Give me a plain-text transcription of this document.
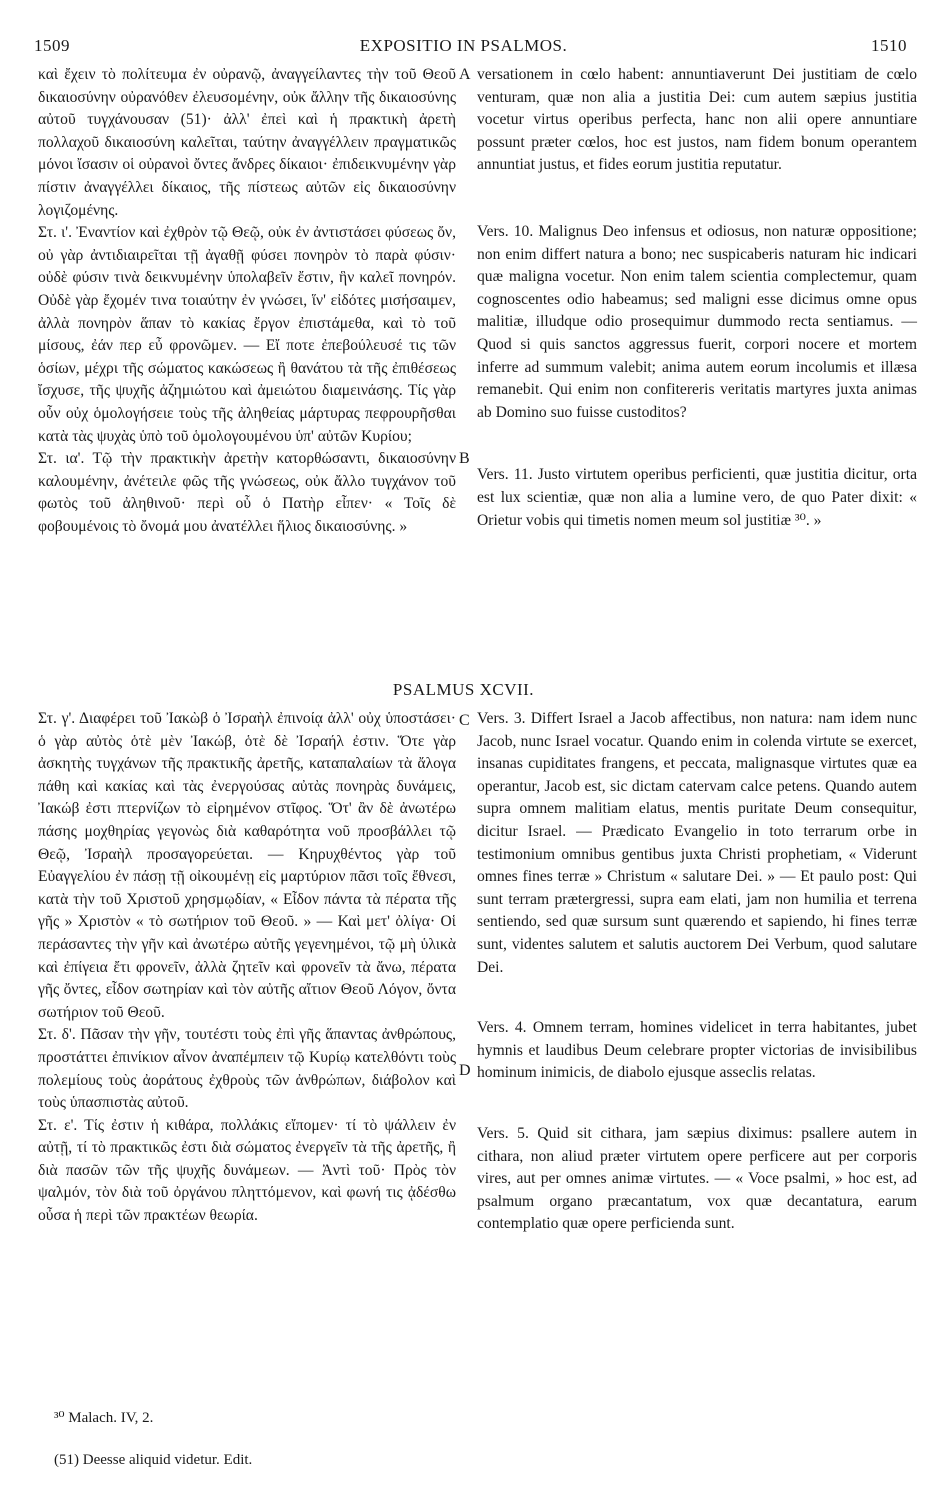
1509	EXPOSITIO IN PSALMOS.	1510

καὶ ἔχειν τὸ πολίτευμα ἐν οὐρανῷ, ἀναγγείλαντες τὴν τοῦ Θεοῦ δικαιοσύνην οὐρανόθεν ἐλευσομένην, οὐκ ἄλλην τῆς δικαιοσύνης αὐτοῦ τυγχάνουσαν (51)· ἀλλ' ἐπεὶ καὶ ἡ πρακτικὴ ἀρετὴ πολλαχοῦ δικαιοσύνη καλεῖται, ταύτην ἀναγγέλλειν πραγματικῶς μόνοι ἴσασιν οἱ οὐρανοὶ ὄντες ἄνδρες δίκαιοι· ἐπιδεικνυμένην γὰρ πίστιν ἀναγγέλλει δίκαιος, τῆς πίστεως αὐτῶν εἰς δικαιοσύνην λογιζομένης.

Στ. ι'. Ἐναντίον καὶ ἐχθρὸν τῷ Θεῷ, οὐκ ἐν ἀντιστάσει φύσεως ὄν, οὐ γὰρ ἀντιδιαιρεῖται τῇ ἀγαθῇ φύσει πονηρὸν τὸ παρὰ φύσιν· οὐδὲ φύσιν τινὰ δεικνυμένην ὑπολαβεῖν ἔστιν, ἣν καλεῖ πονηρόν. Οὐδὲ γὰρ ἔχομέν τινα τοιαύτην ἐν γνώσει, ἵν' εἰδότες μισήσαιμεν, ἀλλὰ πονηρὸν ἅπαν τὸ κακίας ἔργον ἐπιστάμεθα, καὶ τὸ τοῦ μίσους, ἐάν περ εὖ φρονῶμεν. — Εἴ ποτε ἐπεβούλευσέ τις τῶν ὁσίων, μέχρι τῆς σώματος κακώσεως ἢ θανάτου τὰ τῆς ἐπιθέσεως ἴσχυσε, τῆς ψυχῆς ἀζημιώτου καὶ ἀμειώτου διαμεινάσης. Τίς γὰρ οὖν οὐχ ὁμολογήσειε τοὺς τῆς ἀληθείας μάρτυρας πεφρουρῆσθαι κατὰ τὰς ψυχὰς ὑπὸ τοῦ ὁμολογουμένου ὑπ' αὐτῶν Κυρίου;

Στ. ια'. Τῷ τὴν πρακτικὴν ἀρετὴν κατορθώσαντι, δικαιοσύνην καλουμένην, ἀνέτειλε φῶς τῆς γνώσεως, οὐκ ἄλλο τυγχάνον τοῦ φωτὸς τοῦ ἀληθινοῦ· περὶ οὗ ὁ Πατὴρ εἶπεν· « Τοῖς δὲ φοβουμένοις τὸ ὄνομά μου ἀνατέλλει ἥλιος δικαιοσύνης. »

versationem in cœlo habent: annuntiaverunt Dei justitiam de cœlo venturam, quæ non alia a justitia Dei: cum autem sæpius justitia vocetur virtus operibus perfecta, hanc non alii opere annuntiare possunt præter cœlos, hoc est justos, nam fidem bonum operantem annuntiat justus, et fides eorum justitia reputatur.

Vers. 10. Malignus Deo infensus et odiosus, non naturæ oppositione; non enim differt natura a bono; nec suspicaberis naturam hic indicari quæ maligna vocetur. Non enim talem scientia complectemur, quam cognoscentes odio habeamus; sed maligni esse dicimus omne opus malitiæ, illudque odio prosequimur dummodo recta sentiamus. — Quod si quis sanctos aggressus fuerit, corpori nocere et mortem inferre ad summum valebit; anima autem eorum incolumis et illæsa remanebit. Qui enim non confitereris veritatis martyres juxta animas ab Domino suo fuisse custoditos?

Vers. 11. Justo virtutem operibus perficienti, quæ justitia dicitur, orta est lux scientiæ, quæ non alia a lumine vero, de quo Pater dixit: « Orietur vobis qui timetis nomen meum sol justitiæ ³⁰. »

A
B
C
D
PSALMUS XCVII.

Στ. γ'. Διαφέρει τοῦ Ἰακὼβ ὁ Ἰσραὴλ ἐπινοίᾳ ἀλλ' οὐχ ὑποστάσει· ὁ γὰρ αὐτὸς ὁτὲ μὲν Ἰακώβ, ὁτὲ δὲ Ἰσραήλ ἐστιν. Ὅτε γὰρ ἀσκητὴς τυγχάνων τῆς πρακτικῆς ἀρετῆς, καταπαλαίων τὰ ἄλογα πάθη καὶ κακίας καὶ τὰς ἐνεργούσας αὐτὰς πονηρὰς δυνάμεις, Ἰακώβ ἐστι πτερνίζων τὸ εἰρημένον στῖφος. Ὅτ' ἂν δὲ ἀνωτέρω πάσης μοχθηρίας γεγονὼς διὰ καθαρότητα νοῦ προσβάλλει τῷ Θεῷ, Ἰσραὴλ προσαγορεύεται. — Κηρυχθέντος γὰρ τοῦ Εὐαγγελίου ἐν πάσῃ τῇ οἰκουμένῃ εἰς μαρτύριον πᾶσι τοῖς ἔθνεσι, κατὰ τὴν τοῦ Χριστοῦ χρησμῳδίαν, « Εἶδον πάντα τὰ πέρατα τῆς γῆς » Χριστὸν « τὸ σωτήριον τοῦ Θεοῦ. » — Καὶ μετ' ὀλίγα· Οἱ περάσαντες τὴν γῆν καὶ ἀνωτέρω αὐτῆς γεγενημένοι, τῷ μὴ ὑλικὰ καὶ ἐπίγεια ἔτι φρονεῖν, ἀλλὰ ζητεῖν καὶ φρονεῖν τὰ ἄνω, πέρατα γῆς ὄντες, εἶδον σωτηρίαν καὶ τὸν αὐτῆς αἴτιον Θεοῦ Λόγον, ὄντα σωτήριον τοῦ Θεοῦ.

Στ. δ'. Πᾶσαν τὴν γῆν, τουτέστι τοὺς ἐπὶ γῆς ἅπαντας ἀνθρώπους, προστάττει ἐπινίκιον αἶνον ἀναπέμπειν τῷ Κυρίῳ κατελθόντι τοὺς πολεμίους τοὺς ἀοράτους ἐχθροὺς τῶν ἀνθρώπων, διάβολον καὶ τοὺς ὑπασπιστὰς αὐτοῦ.

Στ. ε'. Τίς ἐστιν ἡ κιθάρα, πολλάκις εἴπομεν· τί τὸ ψάλλειν ἐν αὐτῇ, τί τὸ πρακτικῶς ἐστι διὰ σώματος ἐνεργεῖν τὰ τῆς ἀρετῆς, ἢ διὰ πασῶν τῶν τῆς ψυχῆς δυνάμεων. — Ἀντὶ τοῦ· Πρὸς τὸν ψαλμόν, τὸν διὰ τοῦ ὀργάνου πληττόμενον, καὶ φωνή τις ᾀδέσθω οὖσα ἡ περὶ τῶν πρακτέων θεωρία.

Vers. 3. Differt Israel a Jacob affectibus, non natura: nam idem nunc Jacob, nunc Israel vocatur. Quando enim in colenda virtute se exercet, insanas cupiditates frangens, et peccata, malignasque virtutes quæ ea operantur, Jacob est, sic dictam catervam calce petens. Quando autem supra omnem malitiam elatus, mentis puritate Deum consequitur, dicitur Israel. — Prædicato Evangelio in toto terrarum orbe in testimonium omnibus gentibus juxta Christi prophetiam, « Viderunt omnes fines terræ » Christum « salutare Dei. » — Et paulo post: Qui sunt terram prætergressi, supra eam elati, jam non humilia et terrena sentiendo, sed quæ sursum sunt quærendo et sapiendo, hi fines terræ sunt, videntes salutem et salutis auctorem Dei Verbum, quod salutare Dei.

Vers. 4. Omnem terram, homines videlicet in terra habitantes, jubet hymnis et laudibus Deum celebrare propter victorias de invisibilibus hominum inimicis, de diabolo ejusque asseclis relatas.

Vers. 5. Quid sit cithara, jam sæpius diximus: psallere autem in cithara, non aliud præter virtutem opere perficere aut per corporis vires, aut per omnes animæ virtutes. — « Voce psalmi, » hoc est, ad psalmum organo præcantatum, vox quæ decantatura, earum contemplatio quæ opere perficienda sunt.

³⁰ Malach. IV, 2.
(51) Deesse aliquid videtur. Edit.
